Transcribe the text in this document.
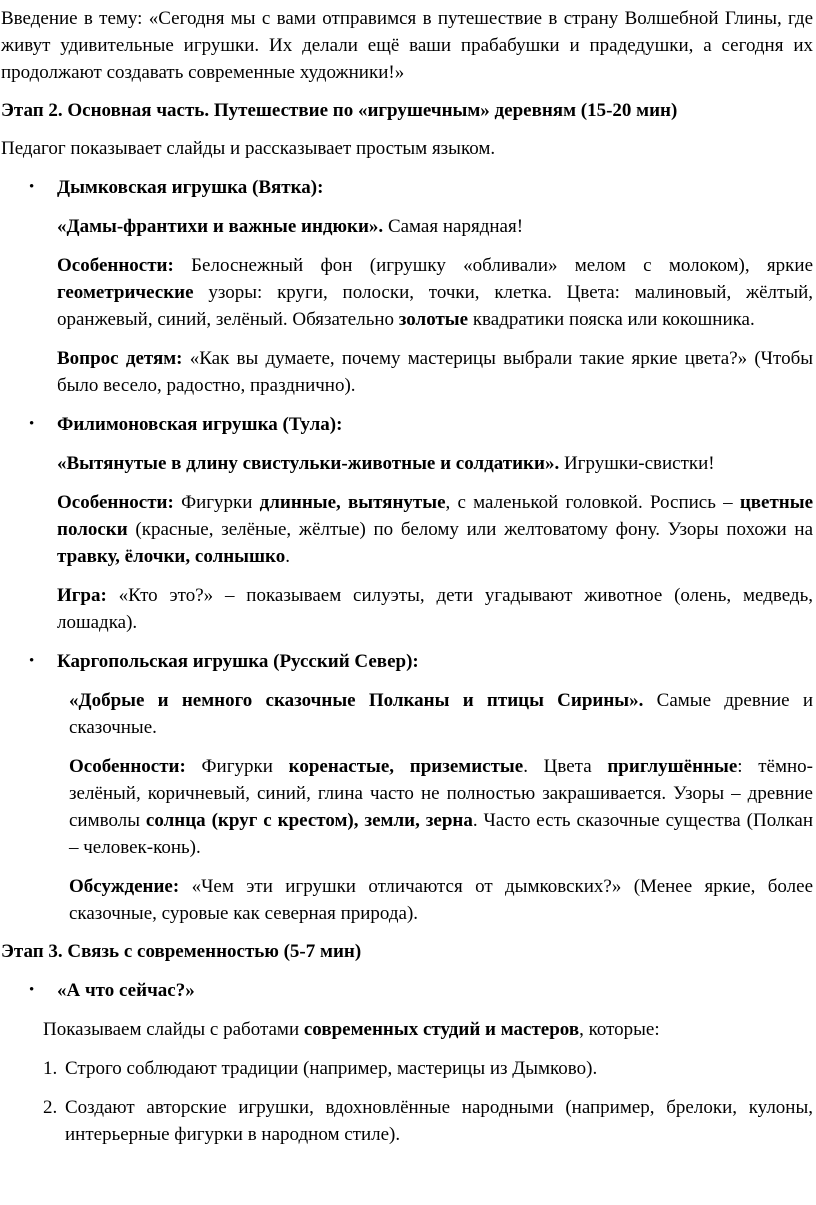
Введение в тему: «Сегодня мы с вами отправимся в путешествие в страну Волшебной Глины, где живут удивительные игрушки. Их делали ещё ваши прабабушки и прадедушки, а сегодня их продолжают создавать современные художники!»

Этап 2. Основная часть. Путешествие по «игрушечным» деревням (15-20 мин)

Педагог показывает слайды и рассказывает простым языком.

• Дымковская игрушка (Вятка):

«Дамы-франтихи и важные индюки». Самая нарядная!

Особенности: Белоснежный фон (игрушку «обливали» мелом с молоком), яркие геометрические узоры: круги, полоски, точки, клетка. Цвета: малиновый, жёлтый, оранжевый, синий, зелёный. Обязательно золотые квадратики пояска или кокошника.

Вопрос детям: «Как вы думаете, почему мастерицы выбрали такие яркие цвета?» (Чтобы было весело, радостно, празднично).

• Филимоновская игрушка (Тула):

«Вытянутые в длину свистульки-животные и солдатики». Игрушки-свистки!

Особенности: Фигурки длинные, вытянутые, с маленькой головкой. Роспись – цветные полоски (красные, зелёные, жёлтые) по белому или желтоватому фону. Узоры похожи на травку, ёлочки, солнышко.

Игра: «Кто это?» – показываем силуэты, дети угадывают животное (олень, медведь, лошадка).

• Каргопольская игрушка (Русский Север):

«Добрые и немного сказочные Полканы и птицы Сирины». Самые древние и сказочные.

Особенности: Фигурки коренастые, приземистые. Цвета приглушённые: тёмно-зелёный, коричневый, синий, глина часто не полностью закрашивается. Узоры – древние символы солнца (круг с крестом), земли, зерна. Часто есть сказочные существа (Полкан – человек-конь).

Обсуждение: «Чем эти игрушки отличаются от дымковских?» (Менее яркие, более сказочные, суровые как северная природа).

Этап 3. Связь с современностью (5-7 мин)

• «А что сейчас?»

Показываем слайды с работами современных студий и мастеров, которые:

1. Строго соблюдают традиции (например, мастерицы из Дымково).

2. Создают авторские игрушки, вдохновлённые народными (например, брелоки, кулоны, интерьерные фигурки в народном стиле).
